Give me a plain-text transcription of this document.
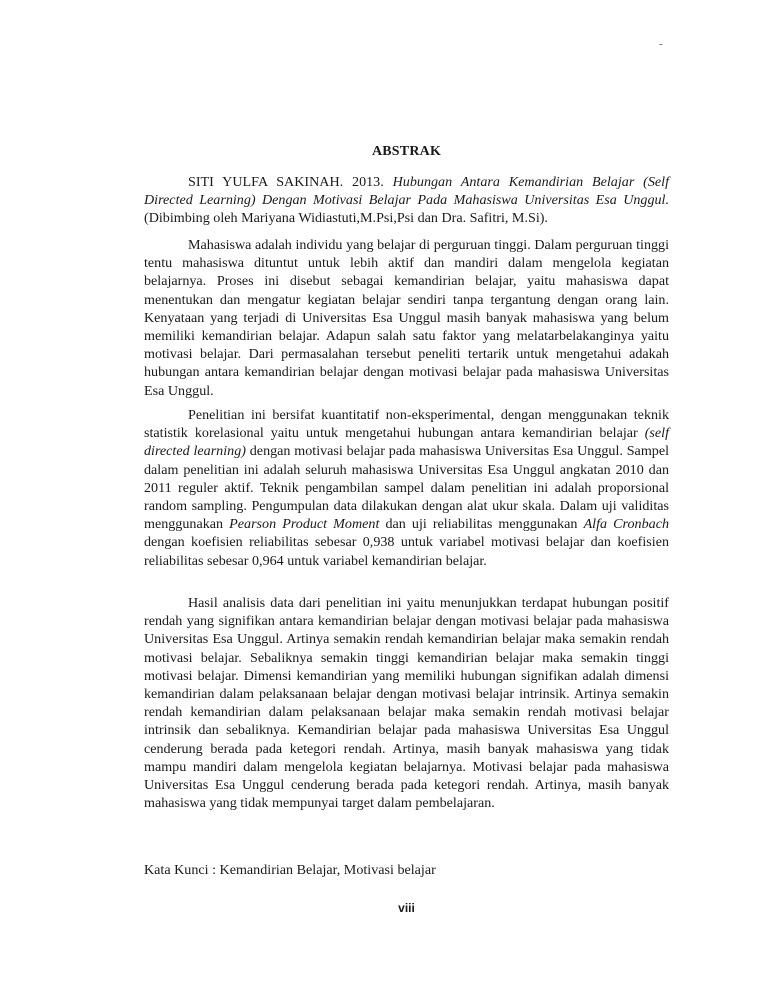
-
ABSTRAK

SITI YULFA SAKINAH. 2013. Hubungan Antara Kemandirian Belajar (Self Directed Learning) Dengan Motivasi Belajar Pada Mahasiswa Universitas Esa Unggul. (Dibimbing oleh Mariyana Widiastuti,M.Psi,Psi dan Dra. Safitri, M.Si).

Mahasiswa adalah individu yang belajar di perguruan tinggi. Dalam perguruan tinggi tentu mahasiswa dituntut untuk lebih aktif dan mandiri dalam mengelola kegiatan belajarnya. Proses ini disebut sebagai kemandirian belajar, yaitu mahasiswa dapat menentukan dan mengatur kegiatan belajar sendiri tanpa tergantung dengan orang lain. Kenyataan yang terjadi di Universitas Esa Unggul masih banyak mahasiswa yang belum memiliki kemandirian belajar. Adapun salah satu faktor yang melatarbelakanginya yaitu motivasi belajar. Dari permasalahan tersebut peneliti tertarik untuk mengetahui adakah hubungan antara kemandirian belajar dengan motivasi belajar pada mahasiswa Universitas Esa Unggul.

Penelitian ini bersifat kuantitatif non-eksperimental, dengan menggunakan teknik statistik korelasional yaitu untuk mengetahui hubungan antara kemandirian belajar (self directed learning) dengan motivasi belajar pada mahasiswa Universitas Esa Unggul. Sampel dalam penelitian ini adalah seluruh mahasiswa Universitas Esa Unggul angkatan 2010 dan 2011 reguler aktif. Teknik pengambilan sampel dalam penelitian ini adalah proporsional random sampling. Pengumpulan data dilakukan dengan alat ukur skala. Dalam uji validitas menggunakan Pearson Product Moment dan uji reliabilitas menggunakan Alfa Cronbach dengan koefisien reliabilitas sebesar 0,938 untuk variabel motivasi belajar dan koefisien reliabilitas sebesar 0,964 untuk variabel kemandirian belajar.

Hasil analisis data dari penelitian ini yaitu menunjukkan terdapat hubungan positif rendah yang signifikan antara kemandirian belajar dengan motivasi belajar pada mahasiswa Universitas Esa Unggul. Artinya semakin rendah kemandirian belajar maka semakin rendah motivasi belajar. Sebaliknya semakin tinggi kemandirian belajar maka semakin tinggi motivasi belajar. Dimensi kemandirian yang memiliki hubungan signifikan adalah dimensi kemandirian dalam pelaksanaan belajar dengan motivasi belajar intrinsik. Artinya semakin rendah kemandirian dalam pelaksanaan belajar maka semakin rendah motivasi belajar intrinsik dan sebaliknya. Kemandirian belajar pada mahasiswa Universitas Esa Unggul cenderung berada pada ketegori rendah. Artinya, masih banyak mahasiswa yang tidak mampu mandiri dalam mengelola kegiatan belajarnya. Motivasi belajar pada mahasiswa Universitas Esa Unggul cenderung berada pada ketegori rendah. Artinya, masih banyak mahasiswa yang tidak mempunyai target dalam pembelajaran.

Kata Kunci : Kemandirian Belajar, Motivasi belajar
viii
